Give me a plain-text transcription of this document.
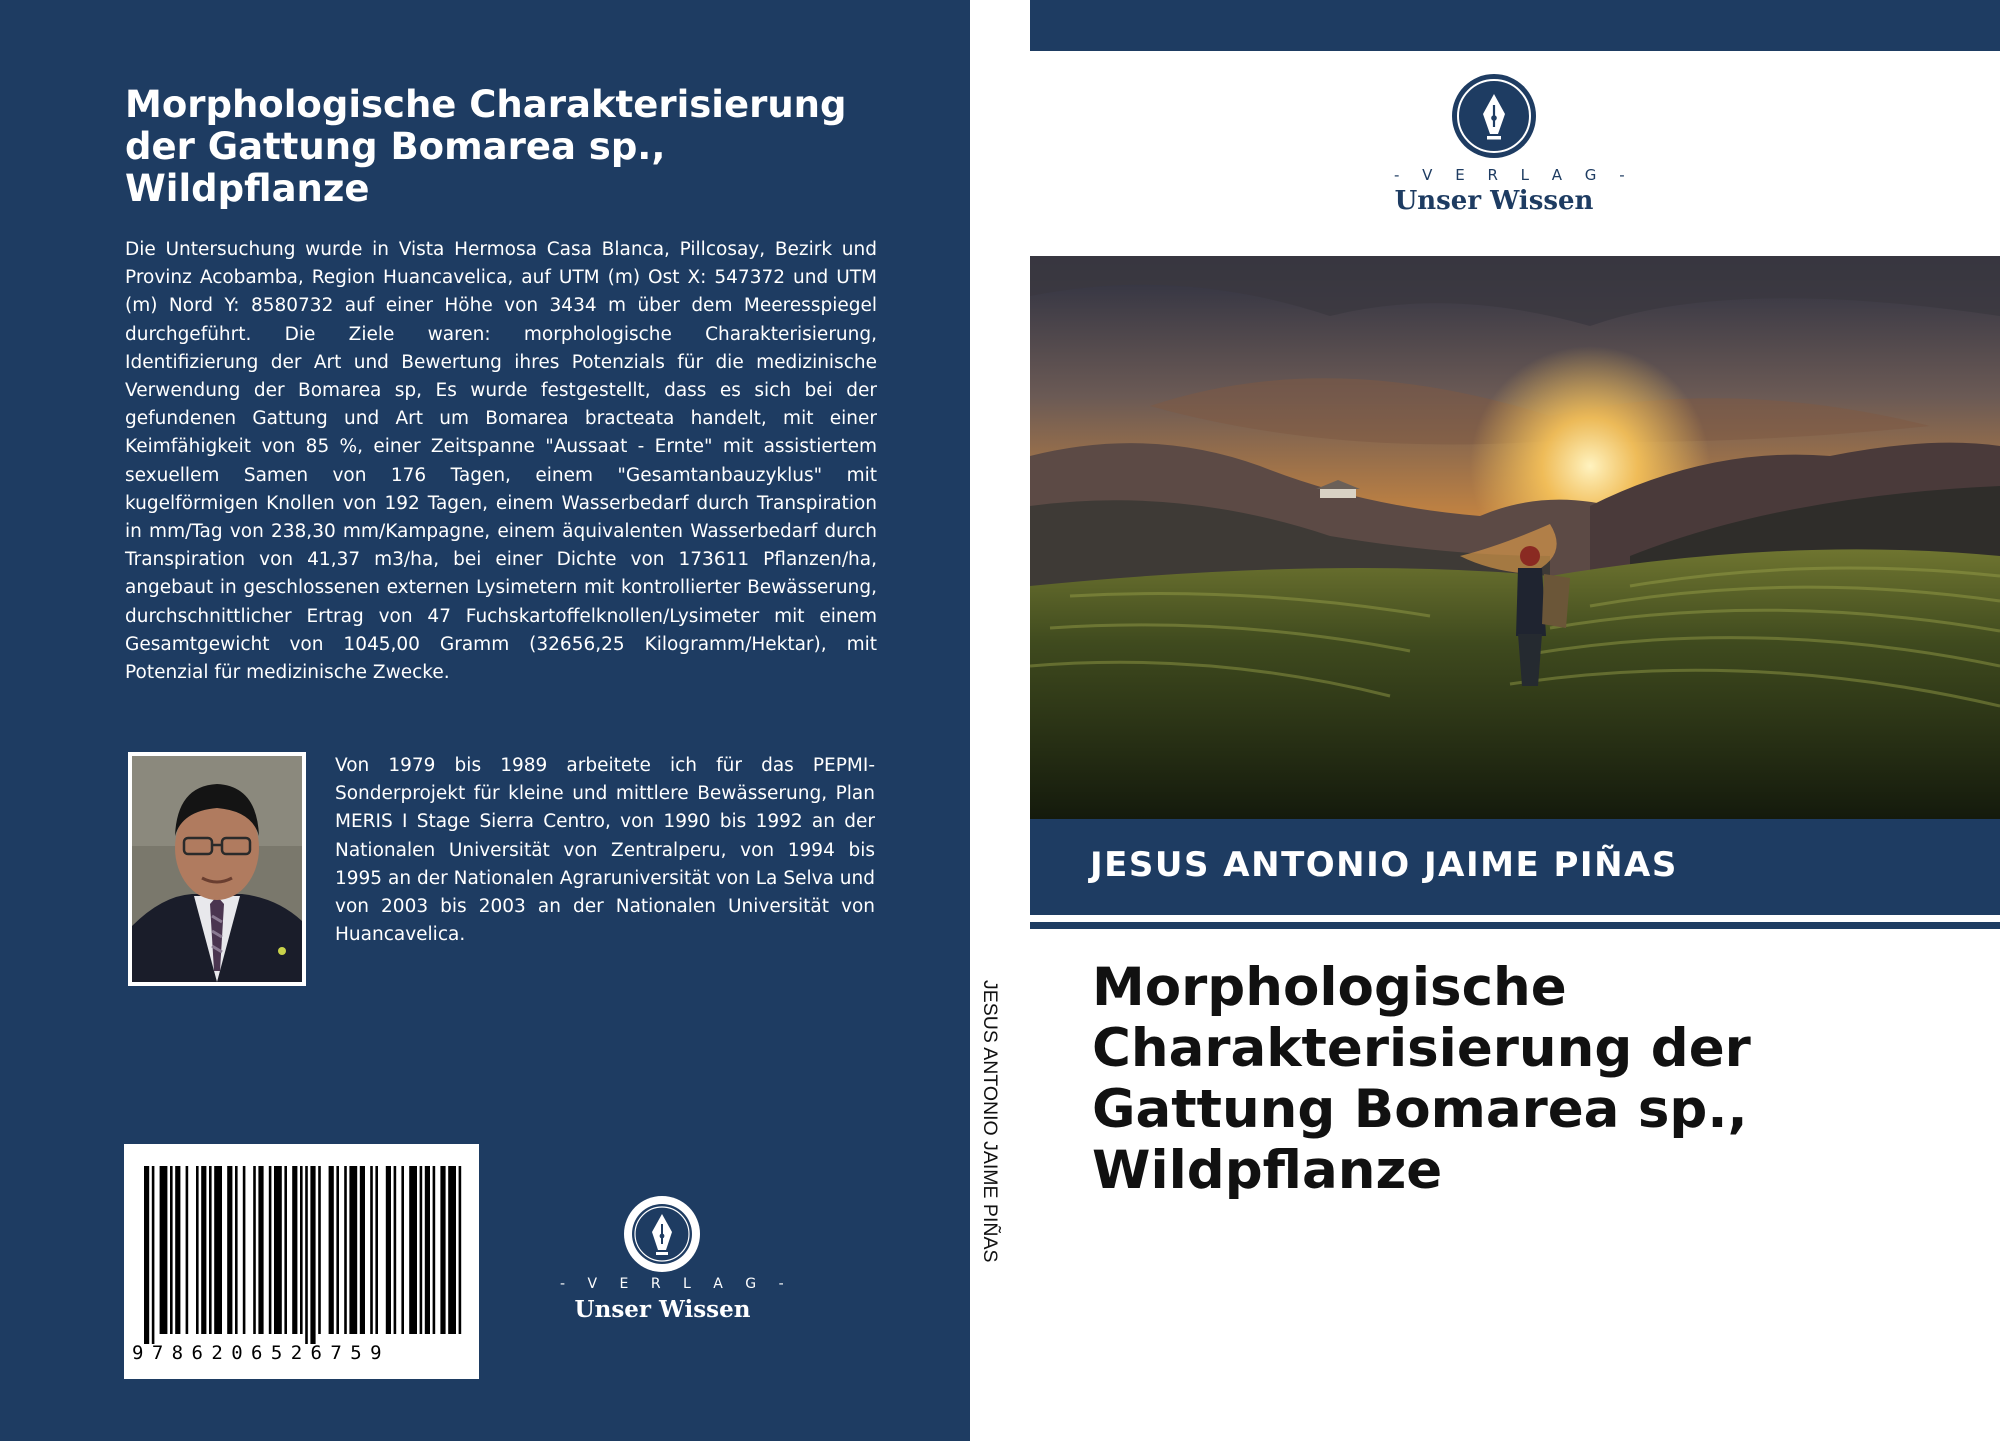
Morphologische Charakterisierung der Gattung Bomarea sp., Wildpflanze
Die Untersuchung wurde in Vista Hermosa Casa Blanca, Pillcosay, Bezirk und Provinz Acobamba, Region Huancavelica, auf UTM (m) Ost X: 547372 und UTM (m) Nord Y: 8580732 auf einer Höhe von 3434 m über dem Meeresspiegel durchgeführt. Die Ziele waren: morphologische Charakterisierung, Identifizierung der Art und Bewertung ihres Potenzials für die medizinische Verwendung der Bomarea sp, Es wurde festgestellt, dass es sich bei der gefundenen Gattung und Art um Bomarea bracteata handelt, mit einer Keimfähigkeit von 85 %, einer Zeitspanne "Aussaat - Ernte" mit assistiertem sexuellem Samen von 176 Tagen, einem "Gesamtanbauzyklus" mit kugelförmigen Knollen von 192 Tagen, einem Wasserbedarf durch Transpiration in mm/Tag von 238,30 mm/Kampagne, einem äquivalenten Wasserbedarf durch Transpiration von 41,37 m3/ha, bei einer Dichte von 173611 Pflanzen/ha, angebaut in geschlossenen externen Lysimetern mit kontrollierter Bewässerung, durchschnittlicher Ertrag von 47 Fuchskartoffelknollen/Lysimeter mit einem Gesamtgewicht von 1045,00 Gramm (32656,25 Kilogramm/Hektar), mit Potenzial für medizinische Zwecke.
Von 1979 bis 1989 arbeitete ich für das PEPMI-Sonderprojekt für kleine und mittlere Bewässerung, Plan MERIS I Stage Sierra Centro, von 1990 bis 1992 an der Nationalen Universität von Zentralperu, von 1994 bis 1995 an der Nationalen Agraruniversität von La Selva und von 2003 bis 2003 an der Nationalen Universität von Huancavelica.
9786206526759
- V E R L A G -
Unser Wissen
JESUS ANTONIO JAIME PIÑAS
- V E R L A G -
Unser Wissen
JESUS ANTONIO JAIME PIÑAS
Morphologische Charakterisierung der Gattung Bomarea sp., Wildpflanze
